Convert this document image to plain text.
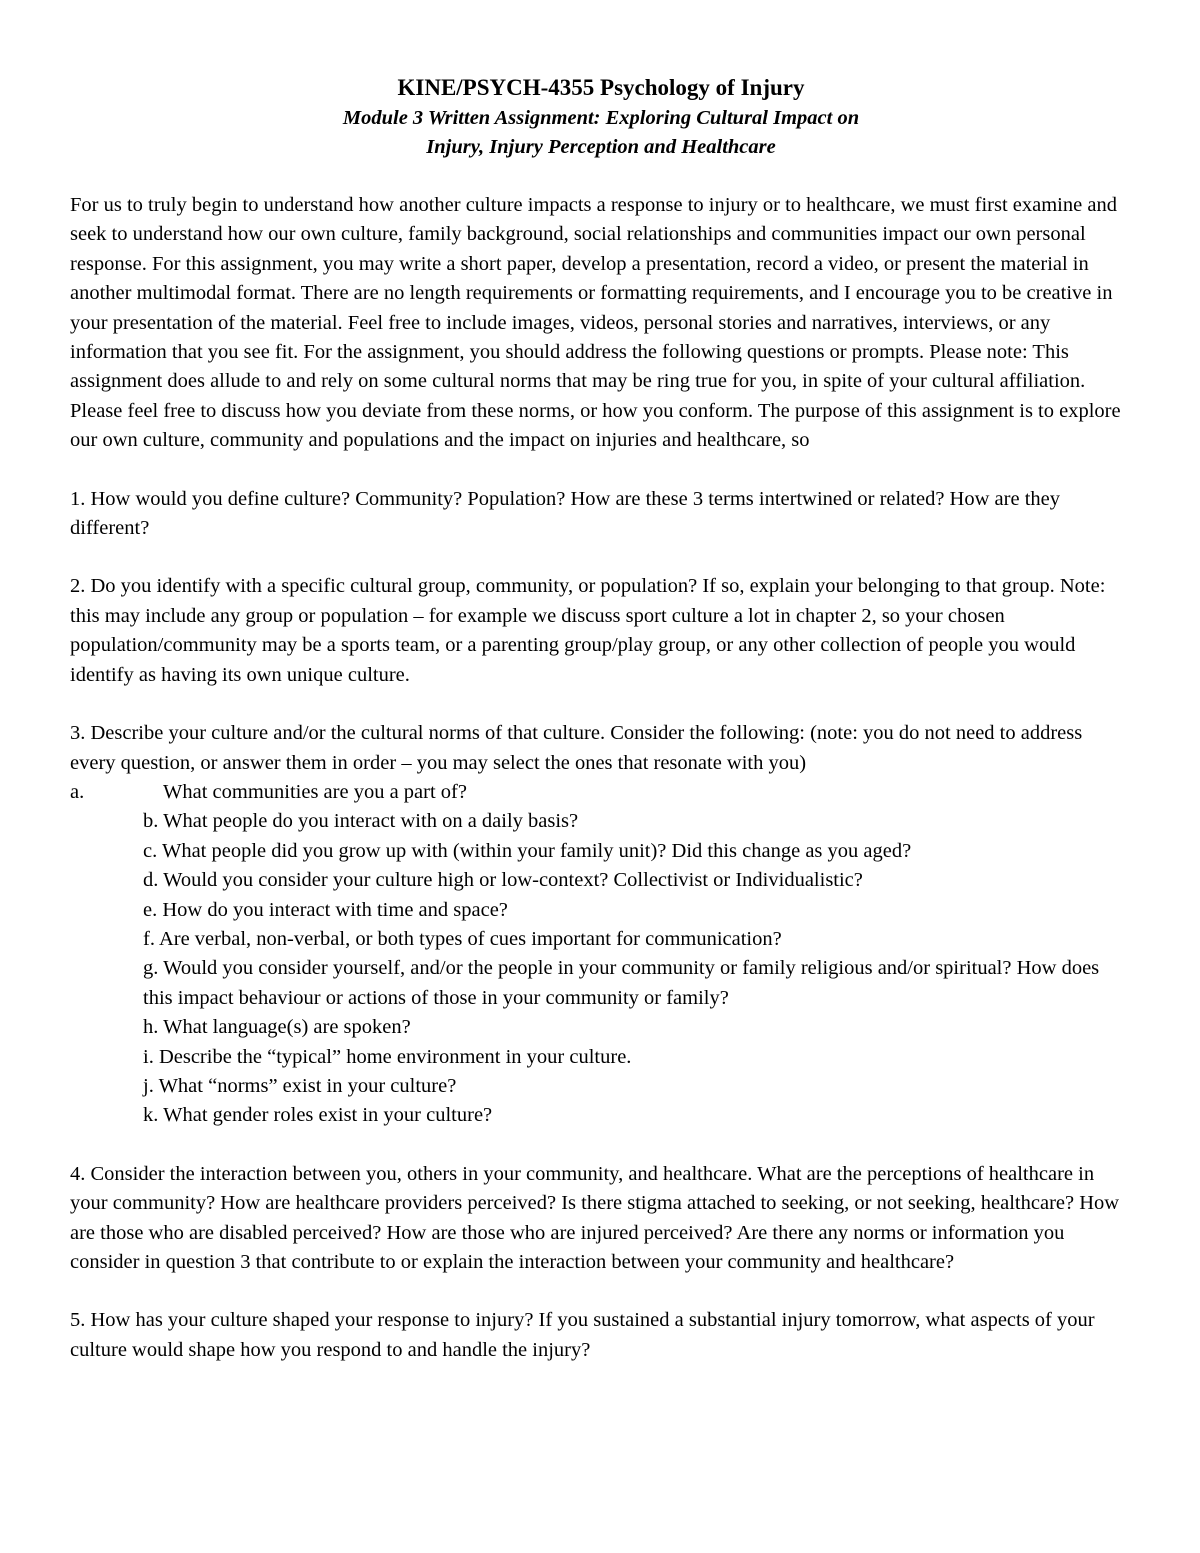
KINE/PSYCH-4355 Psychology of Injury

Module 3 Written Assignment: Exploring Cultural Impact on

Injury, Injury Perception and Healthcare

For us to truly begin to understand how another culture impacts a response to injury or to healthcare, we must first examine and seek to understand how our own culture, family background, social relationships and communities impact our own personal response. For this assignment, you may write a short paper, develop a presentation, record a video, or present the material in another multimodal format. There are no length requirements or formatting requirements, and I encourage you to be creative in your presentation of the material. Feel free to include images, videos, personal stories and narratives, interviews, or any information that you see fit. For the assignment, you should address the following questions or prompts. Please note: This assignment does allude to and rely on some cultural norms that may be ring true for you, in spite of your cultural affiliation. Please feel free to discuss how you deviate from these norms, or how you conform. The purpose of this assignment is to explore our own culture, community and populations and the impact on injuries and healthcare, so

1. How would you define culture? Community? Population? How are these 3 terms intertwined or related? How are they different?

2. Do you identify with a specific cultural group, community, or population? If so, explain your belonging to that group. Note: this may include any group or population – for example we discuss sport culture a lot in chapter 2, so your chosen population/community may be a sports team, or a parenting group/play group, or any other collection of people you would identify as having its own unique culture.

3. Describe your culture and/or the cultural norms of that culture. Consider the following: (note: you do not need to address every question, or answer them in order – you may select the ones that resonate with you)

a.	What communities are you a part of?

b. What people do you interact with on a daily basis?

c. What people did you grow up with (within your family unit)? Did this change as you aged?

d. Would you consider your culture high or low-context? Collectivist or Individualistic?

e. How do you interact with time and space?

f. Are verbal, non-verbal, or both types of cues important for communication?

g. Would you consider yourself, and/or the people in your community or family religious and/or spiritual? How does this impact behaviour or actions of those in your community or family?

h. What language(s) are spoken?

i. Describe the “typical” home environment in your culture.

j. What “norms” exist in your culture?

k. What gender roles exist in your culture?

4. Consider the interaction between you, others in your community, and healthcare. What are the perceptions of healthcare in your community? How are healthcare providers perceived? Is there stigma attached to seeking, or not seeking, healthcare? How are those who are disabled perceived? How are those who are injured perceived? Are there any norms or information you consider in question 3 that contribute to or explain the interaction between your community and healthcare?

5. How has your culture shaped your response to injury? If you sustained a substantial injury tomorrow, what aspects of your culture would shape how you respond to and handle the injury?
